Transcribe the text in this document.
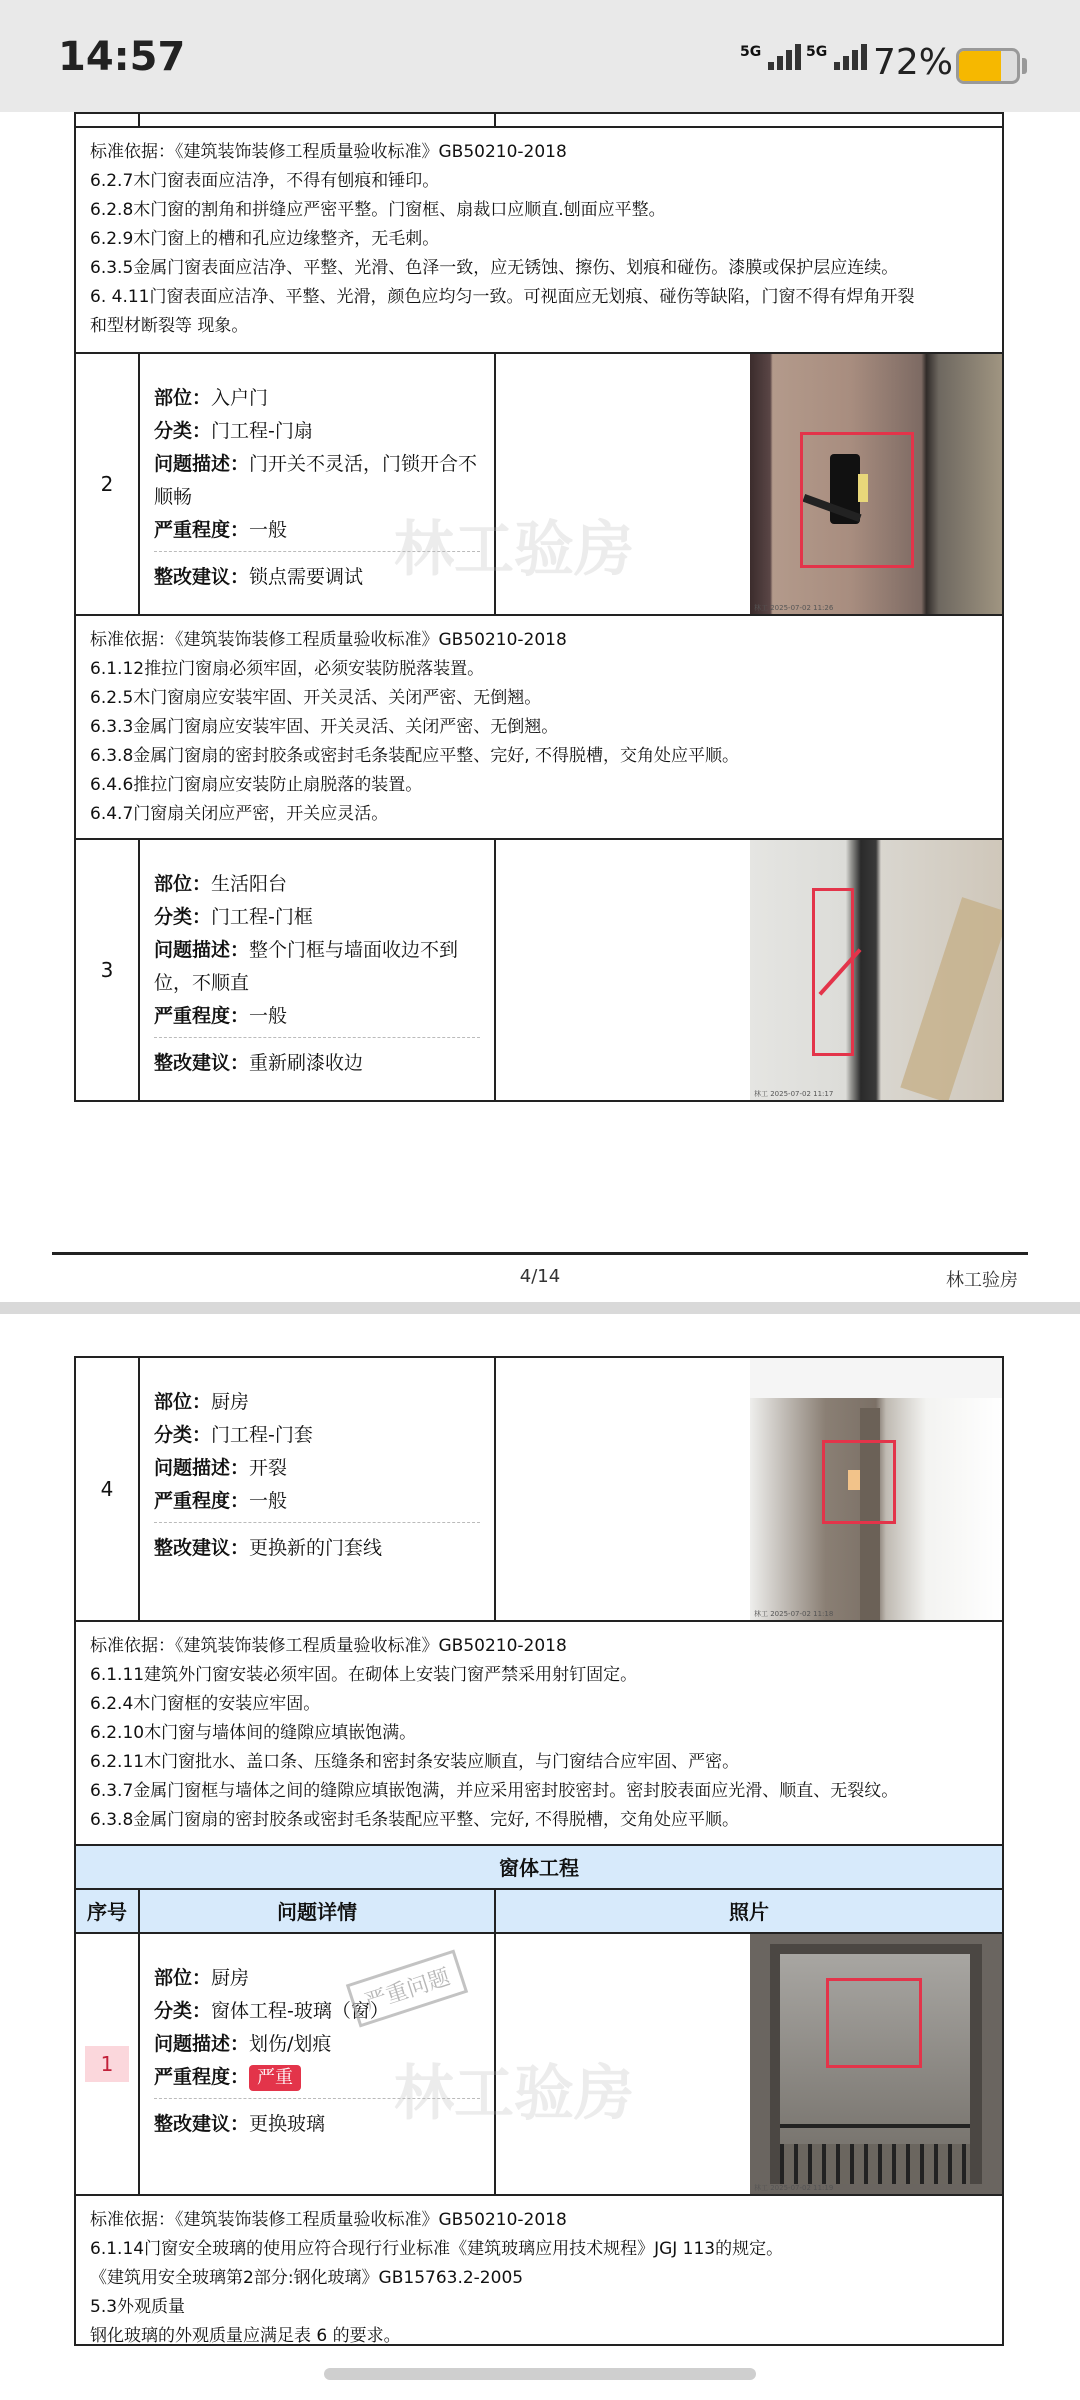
14:57	5G	5G	72%
标准依据：《建筑装饰装修工程质量验收标准》GB50210-2018
6.2.7木门窗表面应洁净，不得有刨痕和锤印。
6.2.8木门窗的割角和拼缝应严密平整。门窗框、扇裁口应顺直.刨面应平整。
6.2.9木门窗上的槽和孔应边缘整齐，无毛刺。
6.3.5金属门窗表面应洁净、平整、光滑、色泽一致，应无锈蚀、擦伤、划痕和碰伤。漆膜或保护层应连续。
6. 4.11门窗表面应洁净、平整、光滑，颜色应均匀一致。可视面应无划痕、碰伤等缺陷，门窗不得有焊角开裂
和型材断裂等 现象。
2
部位：入户门
分类：门工程-门扇
问题描述：门开关不灵活，门锁开合不顺畅
严重程度：一般
整改建议：锁点需要调试
林工 2025-07-02 11:26
林工验房
标准依据：《建筑装饰装修工程质量验收标准》GB50210-2018
6.1.12推拉门窗扇必须牢固，必须安装防脱落装置。
6.2.5木门窗扇应安装牢固、开关灵活、关闭严密、无倒翘。
6.3.3金属门窗扇应安装牢固、开关灵活、关闭严密、无倒翘。
6.3.8金属门窗扇的密封胶条或密封毛条装配应平整、完好, 不得脱槽，交角处应平顺。
6.4.6推拉门窗扇应安装防止扇脱落的装置。
6.4.7门窗扇关闭应严密，开关应灵活。
3
部位：生活阳台
分类：门工程-门框
问题描述：整个门框与墙面收边不到位，不顺直
严重程度：一般
整改建议：重新刷漆收边
林工 2025-07-02 11:17
4/14	林工验房
4
部位：厨房
分类：门工程-门套
问题描述：开裂
严重程度：一般
整改建议：更换新的门套线
林工 2025-07-02 11:18
标准依据：《建筑装饰装修工程质量验收标准》GB50210-2018
6.1.11建筑外门窗安装必须牢固。在砌体上安装门窗严禁采用射钉固定。
6.2.4木门窗框的安装应牢固。
6.2.10木门窗与墙体间的缝隙应填嵌饱满。
6.2.11木门窗批水、盖口条、压缝条和密封条安装应顺直，与门窗结合应牢固、严密。
6.3.7金属门窗框与墙体之间的缝隙应填嵌饱满，并应采用密封胶密封。密封胶表面应光滑、顺直、无裂纹。
6.3.8金属门窗扇的密封胶条或密封毛条装配应平整、完好, 不得脱槽，交角处应平顺。
窗体工程
序号	问题详情	照片
1
部位：厨房
分类：窗体工程-玻璃（窗）
问题描述：划伤/划痕
严重程度： 严重
整改建议：更换玻璃
严重问题
林工 2025-07-02 11:19
林工验房
标准依据：《建筑装饰装修工程质量验收标准》GB50210-2018
6.1.14门窗安全玻璃的使用应符合现行行业标准《建筑玻璃应用技术规程》JGJ 113的规定。
《建筑用安全玻璃第2部分:钢化玻璃》GB15763.2-2005
5.3外观质量
钢化玻璃的外观质量应满足表 6 的要求。
